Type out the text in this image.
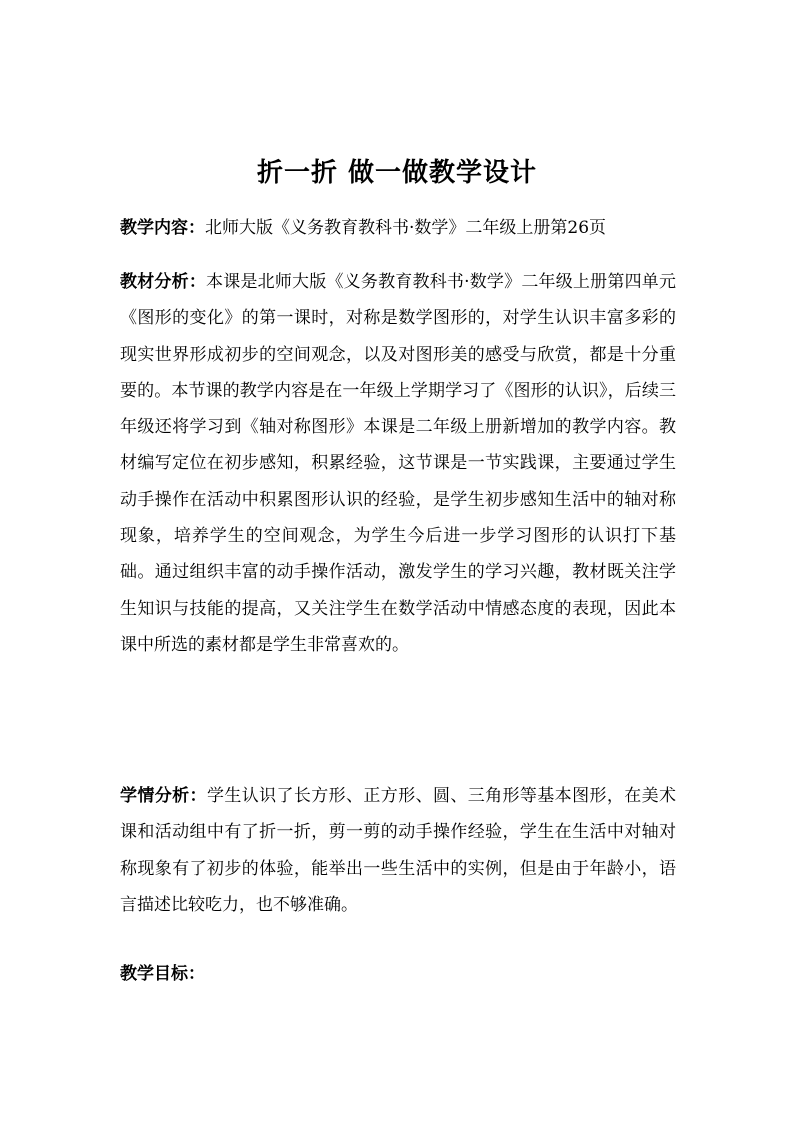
折一折 做一做教学设计
教学内容：北师大版《义务教育教科书·数学》二年级上册第26页
教材分析：本课是北师大版《义务教育教科书·数学》二年级上册第四单元《图形的变化》的第一课时，对称是数学图形的，对学生认识丰富多彩的现实世界形成初步的空间观念，以及对图形美的感受与欣赏，都是十分重要的。本节课的教学内容是在一年级上学期学习了《图形的认识》，后续三年级还将学习到《轴对称图形》本课是二年级上册新增加的教学内容。教材编写定位在初步感知，积累经验，这节课是一节实践课，主要通过学生动手操作在活动中积累图形认识的经验，是学生初步感知生活中的轴对称现象，培养学生的空间观念，为学生今后进一步学习图形的认识打下基础。通过组织丰富的动手操作活动，激发学生的学习兴趣，教材既关注学生知识与技能的提高，又关注学生在数学活动中情感态度的表现，因此本课中所选的素材都是学生非常喜欢的。
学情分析：学生认识了长方形、正方形、圆、三角形等基本图形，在美术课和活动组中有了折一折，剪一剪的动手操作经验，学生在生活中对轴对称现象有了初步的体验，能举出一些生活中的实例，但是由于年龄小，语言描述比较吃力，也不够准确。
教学目标：
